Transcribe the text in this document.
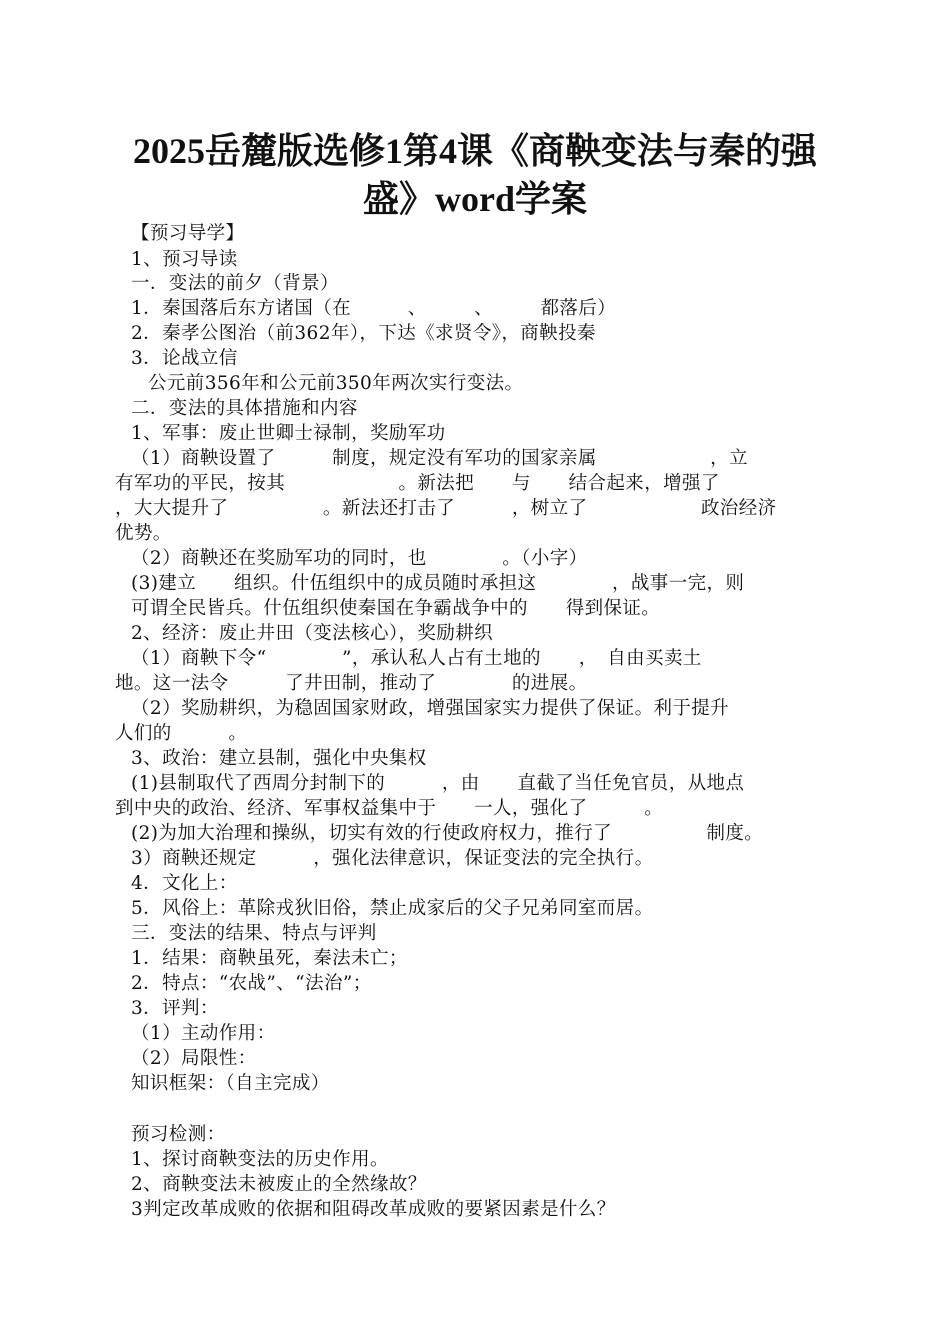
2025岳麓版选修1第4课《商鞅变法与秦的强
盛》word学案
【预习导学】
1、预习导读
一．变法的前夕（背景）
1．秦国落后东方诸国（在　　　、　　　、　　　都落后）
2．秦孝公图治（前362年），下达《求贤令》，商鞅投秦
3．论战立信
公元前356年和公元前350年两次实行变法。
二．变法的具体措施和内容
1、军事：废止世卿士禄制，奖励军功
（1）商鞅设置了　　　制度，规定没有军功的国家亲属　　　　　　，立
有军功的平民，按其　　　　　　。新法把　　与　　结合起来，增强了
，大大提升了　　　　　。新法还打击了　　　，树立了　　　　　　政治经济
优势。
（2）商鞅还在奖励军功的同时，也　　　　。（小字）
(3)建立　　组织。什伍组织中的成员随时承担这　　　　，战事一完，则
可谓全民皆兵。什伍组织使秦国在争霸战争中的　　得到保证。
2、经济：废止井田（变法核心），奖励耕织
（1）商鞅下令“　　　　”，承认私人占有土地的　　，　自由买卖土
地。这一法令　　　了井田制，推动了　　　　的进展。
（2）奖励耕织，为稳固国家财政，增强国家实力提供了保证。利于提升
人们的　　　。
3、政治：建立县制，强化中央集权
(1)县制取代了西周分封制下的　　　，由　　直截了当任免官员，从地点
到中央的政治、经济、军事权益集中于　　一人，强化了　　　。
(2)为加大治理和操纵，切实有效的行使政府权力，推行了　　　　　制度。
3）商鞅还规定　　　，强化法律意识，保证变法的完全执行。
4．文化上：
5．风俗上：革除戎狄旧俗，禁止成家后的父子兄弟同室而居。
三．变法的结果、特点与评判
1．结果：商鞅虽死，秦法未亡；
2．特点：“农战”、“法治”；
3．评判：
（1）主动作用：
（2）局限性：
知识框架：（自主完成）
预习检测：
1、探讨商鞅变法的历史作用。
2、商鞅变法未被废止的全然缘故？
3判定改革成败的依据和阻碍改革成败的要紧因素是什么？
